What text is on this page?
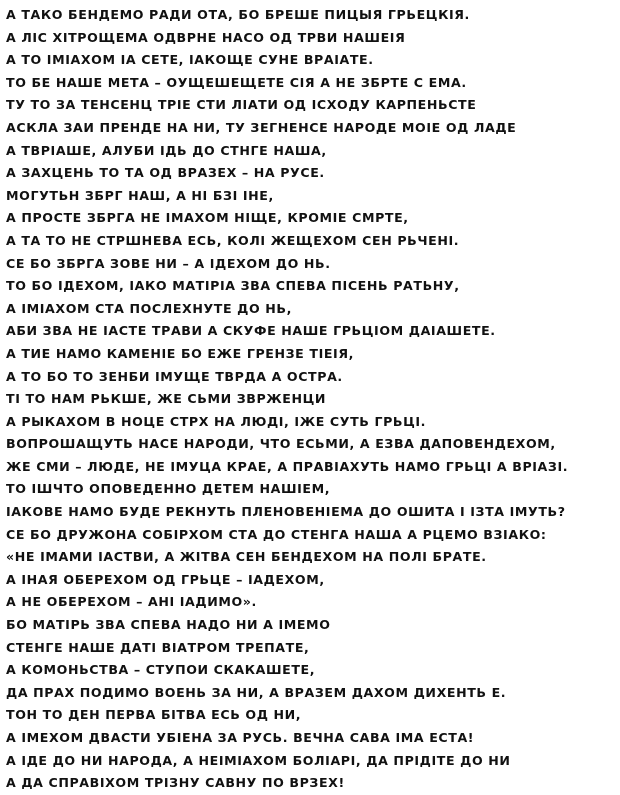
А ТАКО БЕНДЕМО РАДИ ОТА, БО БРЕШЕ ПИЦЫЯ ГРЬЕЦКІЯ.
А ЛІС ХІТРОЩЕМА ОДВРНЕ НАСО ОД ТРВИ НАШЕІЯ
А ТО ІМІАХОМ ІА СЕТЕ, ІАКОЩЕ СУНЕ ВРАІАТЕ.
ТО БЕ НАШЕ МЕТА – ОУЩЕШЕЩЕТЕ СІЯ А НЕ ЗБРТЕ С ЕМА.
ТУ ТО ЗА ТЕНСЕНЦ ТРІЕ СТИ ЛІАТИ ОД ІСХОДУ КАРПЕНЬСТЕ
АСКЛА ЗАИ ПРЕНДЕ НА НИ, ТУ ЗЕГНЕНСЕ НАРОДЕ МОІЕ ОД ЛАДЕ
А ТВРІАШЕ, АЛУБИ ІДЬ ДО СТНГЕ НАША,
А ЗАХЦЕНЬ ТО ТА ОД ВРАЗЕХ – НА РУСЕ.
МОГУТЬН ЗБРГ НАШ, А НІ БЗІ ІНЕ,
А ПРОСТЕ ЗБРГА НЕ ІМАХОМ НІЩЕ, КРОМІЕ СМРТЕ,
А ТА ТО НЕ СТРШНЕВА ЕСЬ, КОЛІ ЖЕЩЕХОМ СЕН РЬЧЕНІ.
СЕ БО ЗБРГА ЗОВЕ НИ – А ІДЕХОМ ДО НЬ.
ТО БО ІДЕХОМ, ІАКО МАТІРІА ЗВА СПЕВА ПІСЕНЬ РАТЬНУ,
А ІМІАХОМ СТА ПОСЛЕХНУТЕ ДО НЬ,
АБИ ЗВА НЕ ІАСТЕ ТРАВИ А СКУФЕ НАШЕ ГРЬЦІОМ ДАІАШЕТЕ.
А ТИЕ НАМО КАМЕНІЕ БО ЕЖЕ ГРЕНЗЕ ТІЕІЯ,
А ТО БО ТО ЗЕНБИ ІМУЩЕ ТВРДА А ОСТРА.
ТІ ТО НАМ РЬКШЕ, ЖЕ СЬМИ ЗВРЖЕНЦИ
А РЫКАХОМ В НОЦЕ СТРХ НА ЛЮДІ, ІЖЕ СУТЬ ГРЬЦІ.
ВОПРОШАЩУТЬ НАСЕ НАРОДИ, ЧТО ЕСЬМИ, А ЕЗВА ДАПОВЕНДЕХОМ,
ЖЕ СМИ – ЛЮДЕ, НЕ ІМУЦА КРАЕ, А ПРАВІАХУТЬ НАМО ГРЬЦІ А ВРІАЗІ.
ТО ІШЧТО ОПОВЕДЕННО ДЕТЕМ НАШІЕМ,
ІАКОВЕ НАМО БУДЕ РЕКНУТЬ ПЛЕНОВЕНІЕМА ДО ОШИТА І ІЗТА ІМУТЬ?
СЕ БО ДРУЖОНА СОБІРХОМ СТА ДО СТЕНГА НАША А РЦЕМО ВЗІАКО:
«НЕ ІМАМИ ІАСТВИ, А ЖІТВА СЕН БЕНДЕХОМ НА ПОЛІ БРАТЕ.
А ІНАЯ ОБЕРЕХОМ ОД ГРЬЦЕ – ІАДЕХОМ,
А НЕ ОБЕРЕХОМ – АНІ ІАДИМО».
БО МАТІРЬ ЗВА СПЕВА НАДО НИ А ІМЕМО
СТЕНГЕ НАШЕ ДАТІ ВІАТРОМ ТРЕПАТЕ,
А КОМОНЬСТВА – СТУПОИ СКАКАШЕТЕ,
ДА ПРАХ ПОДИМО ВОЕНЬ ЗА НИ, А ВРАЗЕМ ДАХОМ ДИХЕНТЬ Е.
ТОН ТО ДЕН ПЕРВА БІТВА ЕСЬ ОД НИ,
А ІМЕХОМ ДВАСТИ УБІЕНА ЗА РУСЬ. ВЕЧНА САВА ІМА ЕСТА!
А ІДЕ ДО НИ НАРОДА, А НЕІМІАХОМ БОЛІАРІ, ДА ПРІДІТЕ ДО НИ
А ДА СПРАВІХОМ ТРІЗНУ САВНУ ПО ВРЗЕХ!
